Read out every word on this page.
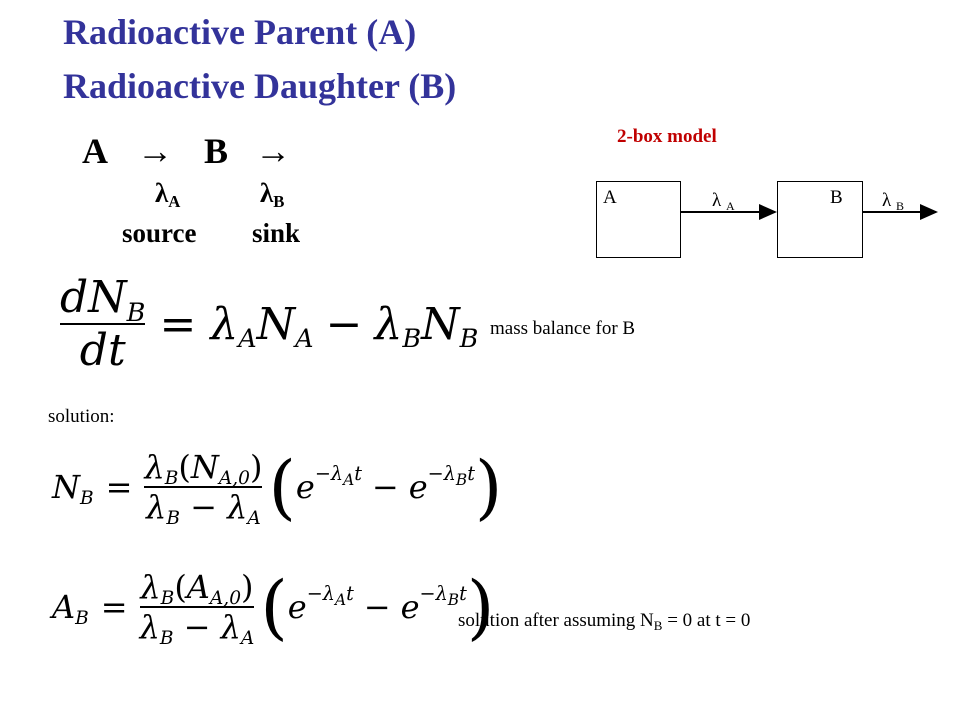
Radioactive Parent (A)
Radioactive Daughter (B)
A → B →
λA	λB
source sink
2-box model
A	B
λ A	λ B
$\frac{dN_B}{dt} = \lambda_AN_A - \lambda_BN_B$ mass balance for B
solution:
$N_B = \frac{\lambda_B(N_{A,0})}{\lambda_B - \lambda_A}$ ( $e^{-\lambda_At} - e^{-\lambda_Bt}$ )
$A_B = \frac{\lambda_B(A_{A,0})}{\lambda_B - \lambda_A}$ ( $e^{-\lambda_At} - e^{-\lambda_Bt}$ )
solution after assuming $N_B = 0$ at t = 0
